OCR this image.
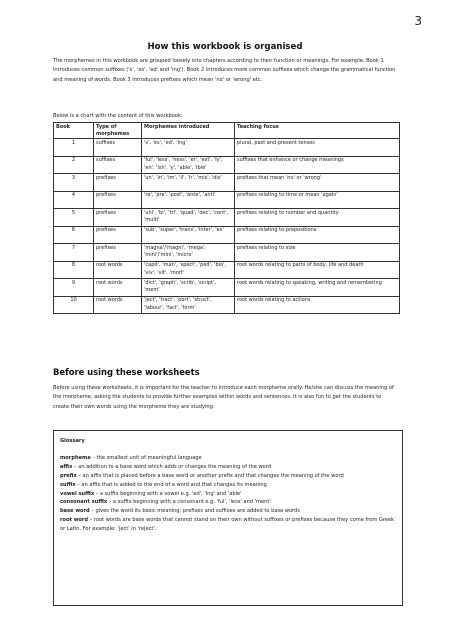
3
How this workbook is organised
The morphemes in this workbook are grouped loosely into chapters according to their function or meanings. For example, Book 1 introduces common suffixes ('s', 'es', 'ed' and 'ing'). Book 2 introduces more common suffixes which change the grammatical function and meaning of words. Book 3 introduces prefixes which mean 'no' or 'wrong' etc.
Below is a chart with the content of this workbook:
Book	Type of morphemes	Morphemes introduced	Teaching focus
1	suffixes	's', 'es', 'ed', 'ing'	plural, past and present tenses
2	suffixes	'ful', 'less', 'ness', 'er', 'est', 'ly', 'en', 'ish', 'y', 'able', 'ible'	suffixes that enhance or change meanings
3	prefixes	'un', 'in', 'im', 'il', 'ir', 'mis', 'dis'	prefixes that mean 'no' or 'wrong'
4	prefixes	're', 'pre', 'post', 'ante', 'anti'	prefixes relating to time or mean 'again'
5	prefixes	'uni', 'bi', 'tri', 'quad', 'dec', 'cent', 'multi'	prefixes relating to number and quantity
6	prefixes	'sub', 'super', 'trans', 'inter', 'ex'	prefixes relating to prepositions
7	prefixes	'magna'/'magni', 'mega', 'mini'/'mini', 'micro'	prefixes relating to size
8	root words	'capit', 'man', 'spect', 'ped', 'bio', 'viv', 'vit', 'mort'	root words relating to parts of body, life and death
9	root words	'dict', 'graph', 'scrib', 'script', 'mem'	root words relating to speaking, writing and remembering
10	root words	'ject', 'tract', 'port', 'struct', 'labour', 'fact', 'form'	root words relating to actions
Before using these worksheets
Before using these worksheets, it is important for the teacher to introduce each morpheme orally. He/she can discuss the meaning of the morpheme, asking the students to provide further examples within words and sentences. It is also fun to get the students to create their own words using the morpheme they are studying.
Glossary
morpheme – the smallest unit of meaningful language
affix – an addition to a base word which adds or changes the meaning of the word
prefix – an affix that is placed before a base word or another prefix and that changes the meaning of the word
suffix – an affix that is added to the end of a word and that changes its meaning
vowel suffix – a suffix beginning with a vowel e.g. 'ed', 'ing' and 'able'
consonant suffix – a suffix beginning with a consonant e.g. 'ful', 'less' and 'ment'
base word – gives the word its basic meaning; prefixes and suffixes are added to base words
root word – root words are base words that cannot stand on their own without suffixes or prefixes because they come from Greek or Latin. For example: 'ject' in 'reject'.
